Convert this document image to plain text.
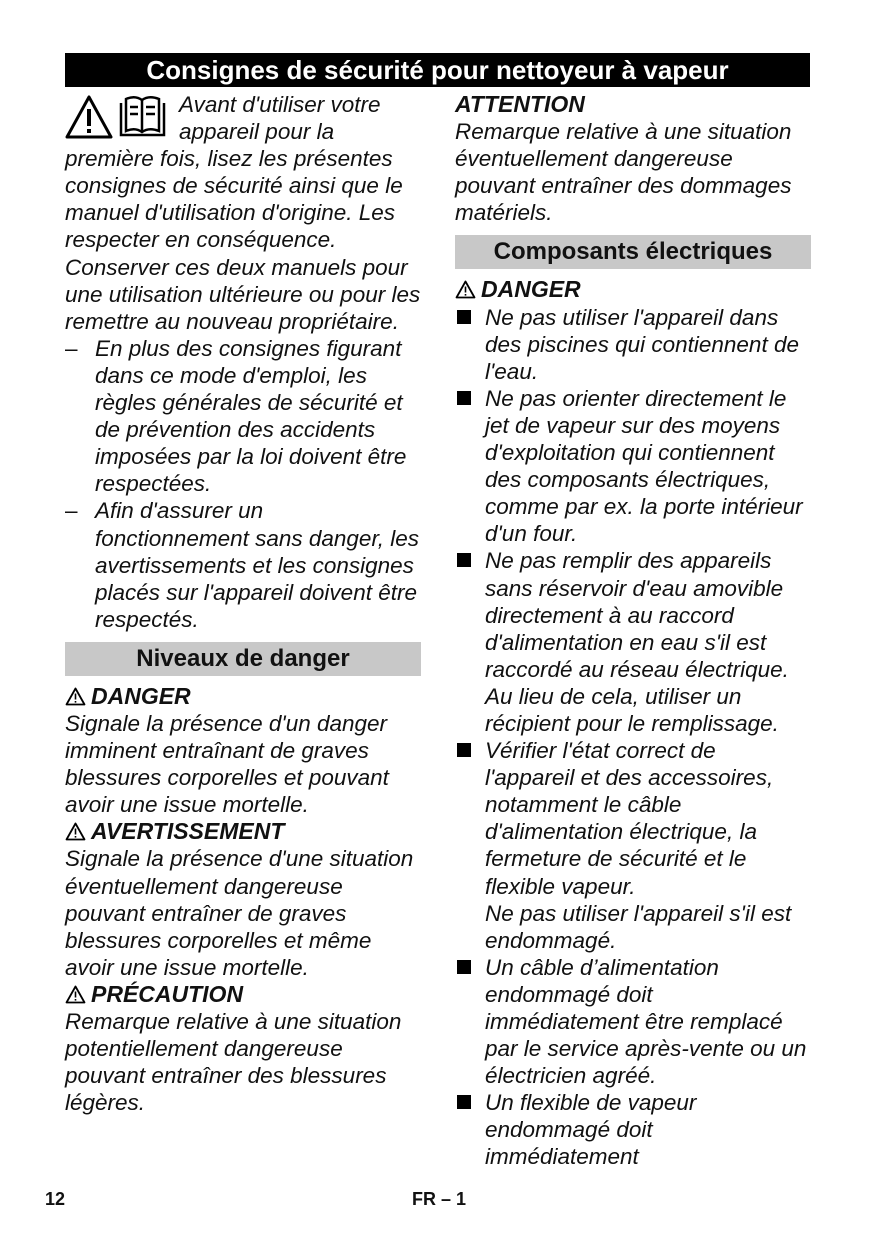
Consignes de sécurité pour nettoyeur à vapeur

Avant d'utiliser votre appareil pour la première fois, lisez les présentes consignes de sécurité ainsi que le manuel d'utilisation d'origine. Les respecter en conséquence. Conserver ces deux manuels pour une utilisation ultérieure ou pour les remettre au nouveau propriétaire.

– En plus des consignes figurant dans ce mode d'emploi, les règles générales de sécurité et de prévention des accidents imposées par la loi doivent être respectées.

– Afin d'assurer un fonctionnement sans danger, les avertissements et les consignes placés sur l'appareil doivent être respectés.

Niveaux de danger
DANGER

Signale la présence d'un danger imminent entraînant de graves blessures corporelles et pouvant avoir une issue mortelle.

AVERTISSEMENT

Signale la présence d'une situation éventuellement dangereuse pouvant entraîner de graves blessures corporelles et même avoir une issue mortelle.

PRÉCAUTION

Remarque relative à une situation potentiellement dangereuse pouvant entraîner des blessures légères.

ATTENTION

Remarque relative à une situation éventuellement dangereuse pouvant entraîner des dommages matériels.

Composants électriques
DANGER

Ne pas utiliser l'appareil dans des piscines qui contiennent de l'eau.

Ne pas orienter directement le jet de vapeur sur des moyens d'exploitation qui contiennent des composants électriques, comme par ex. la porte intérieur d'un four.

Ne pas remplir des appareils sans réservoir d'eau amovible directement à au raccord d'alimentation en eau s'il est raccordé au réseau électrique. Au lieu de cela, utiliser un récipient pour le remplissage.

Vérifier l'état correct de l'appareil et des accessoires, notamment le câble d'alimentation électrique, la fermeture de sécurité et le flexible vapeur.

Ne pas utiliser l'appareil s'il est endommagé.

Un câble d’alimentation endommagé doit immédiatement être remplacé par le service après-vente ou un électricien agréé.

Un flexible de vapeur endommagé doit immédiatement

12	FR – 1
